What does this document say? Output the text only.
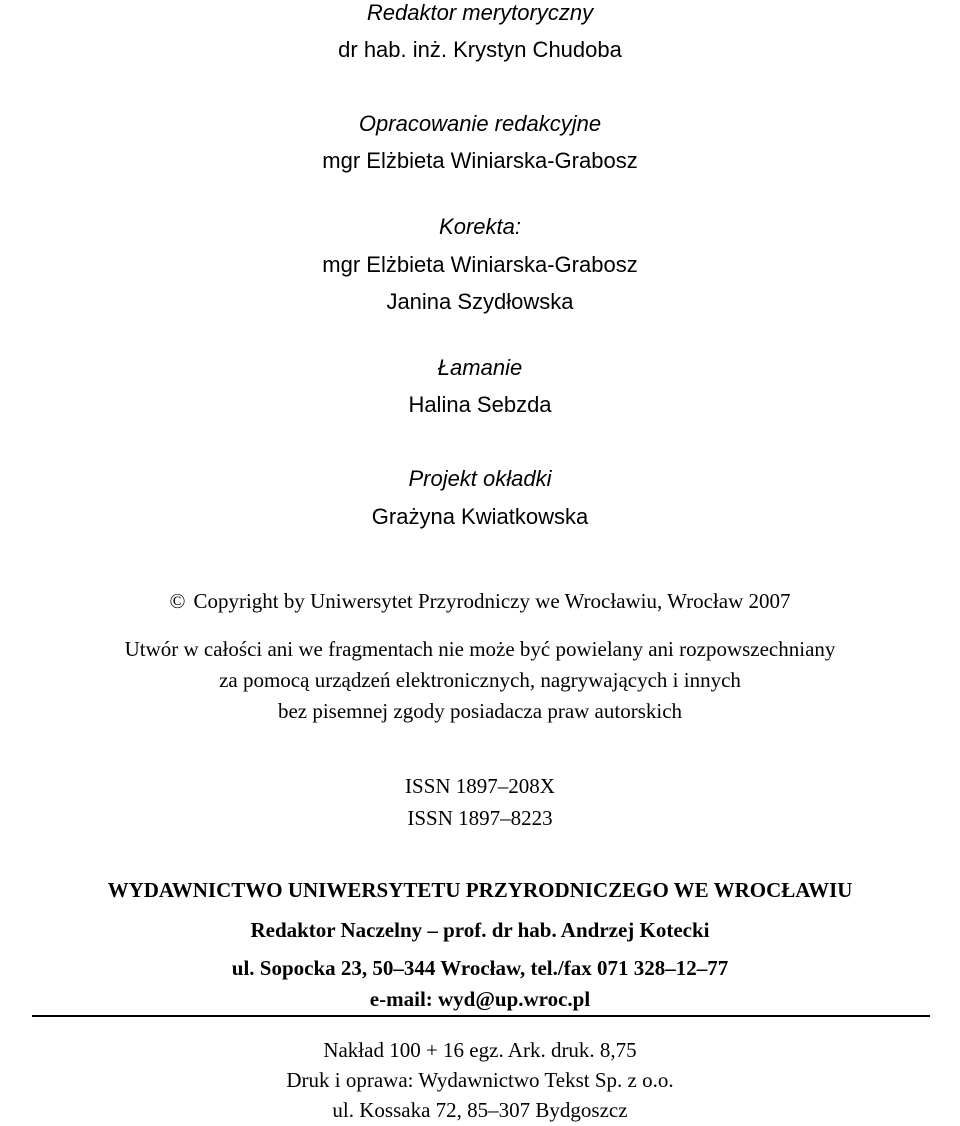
Redaktor merytoryczny
dr hab. inż. Krystyn Chudoba
Opracowanie redakcyjne
mgr Elżbieta Winiarska-Grabosz
Korekta:
mgr Elżbieta Winiarska-Grabosz
Janina Szydłowska
Łamanie
Halina Sebzda
Projekt okładki
Grażyna Kwiatkowska
© Copyright by Uniwersytet Przyrodniczy we Wrocławiu, Wrocław 2007
Utwór w całości ani we fragmentach nie może być powielany ani rozpowszechniany
za pomocą urządzeń elektronicznych, nagrywających i innych
bez pisemnej zgody posiadacza praw autorskich
ISSN 1897–208X
ISSN 1897–8223
WYDAWNICTWO UNIWERSYTETU PRZYRODNICZEGO WE WROCŁAWIU
Redaktor Naczelny – prof. dr hab. Andrzej Kotecki
ul. Sopocka 23, 50–344 Wrocław, tel./fax 071 328–12–77
e-mail: wyd@up.wroc.pl
Nakład 100 + 16 egz. Ark. druk. 8,75
Druk i oprawa: Wydawnictwo Tekst Sp. z o.o.
ul. Kossaka 72, 85–307 Bydgoszcz
